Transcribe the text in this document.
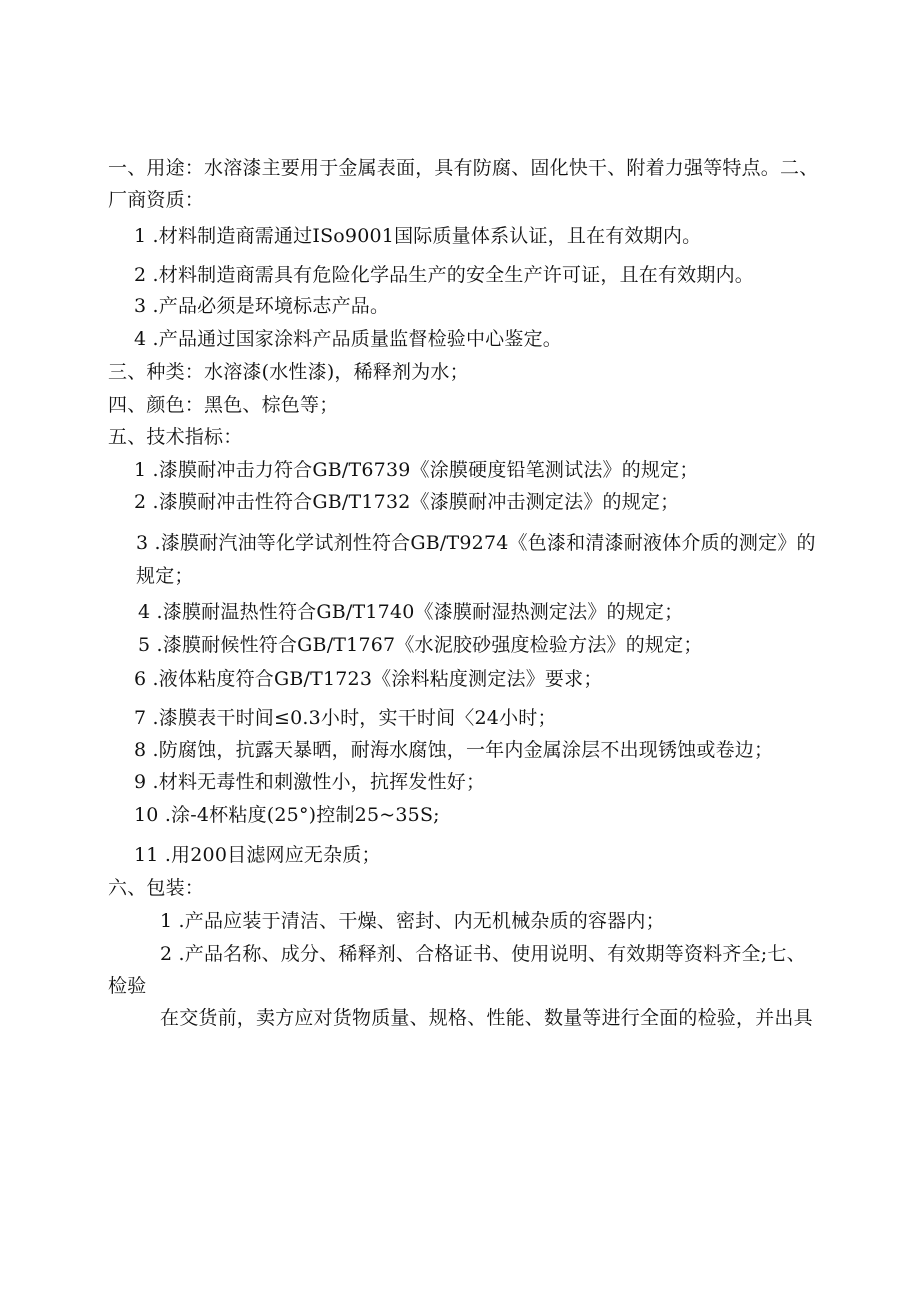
一、用途：水溶漆主要用于金属表面，具有防腐、固化快干、附着力强等特点。二、
厂商资质：
1 .材料制造商需通过ISo9001国际质量体系认证，且在有效期内。
2 .材料制造商需具有危险化学品生产的安全生产许可证，且在有效期内。
3 .产品必须是环境标志产品。
4 .产品通过国家涂料产品质量监督检验中心鉴定。
三、种类：水溶漆(水性漆)，稀释剂为水；
四、颜色：黑色、棕色等；
五、技术指标：
1 .漆膜耐冲击力符合GB/T6739《涂膜硬度铅笔测试法》的规定；
2 .漆膜耐冲击性符合GB/T1732《漆膜耐冲击测定法》的规定；
3 .漆膜耐汽油等化学试剂性符合GB/T9274《色漆和清漆耐液体介质的测定》的
规定；
4 .漆膜耐温热性符合GB/T1740《漆膜耐湿热测定法》的规定；
5 .漆膜耐候性符合GB/T1767《水泥胶砂强度检验方法》的规定；
6 .液体粘度符合GB/T1723《涂料粘度测定法》要求；
7 .漆膜表干时间≤0.3小时，实干时间〈24小时；
8 .防腐蚀，抗露天暴晒，耐海水腐蚀，一年内金属涂层不出现锈蚀或卷边；
9 .材料无毒性和刺激性小，抗挥发性好；
10 .涂-4杯粘度(25°)控制25~35S;
11 .用200目滤网应无杂质；
六、包装：
1 .产品应装于清洁、干燥、密封、内无机械杂质的容器内；
2 .产品名称、成分、稀释剂、合格证书、使用说明、有效期等资料齐全;七、
检验
在交货前，卖方应对货物质量、规格、性能、数量等进行全面的检验，并出具
